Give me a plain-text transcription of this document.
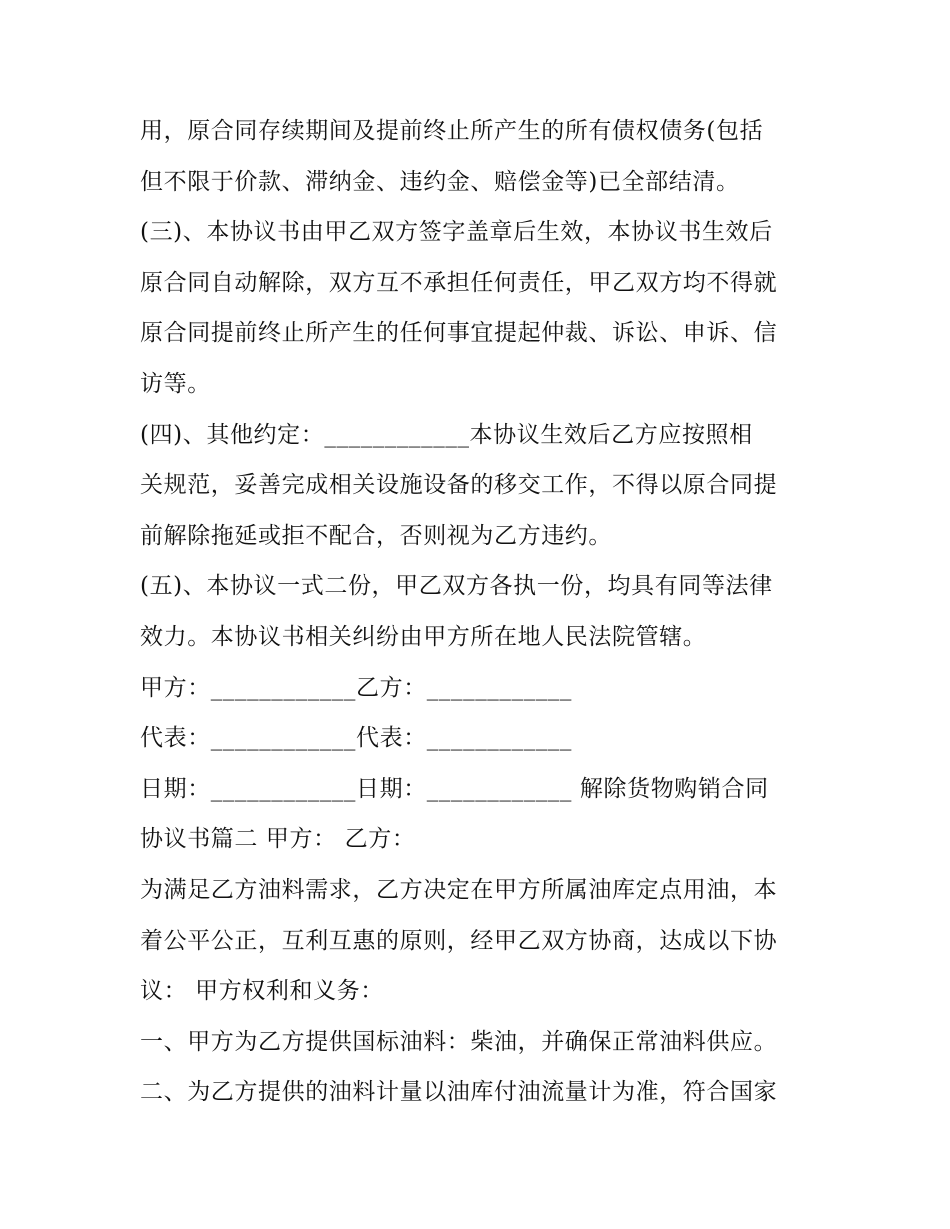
用，原合同存续期间及提前终止所产生的所有债权债务(包括
但不限于价款、滞纳金、违约金、赔偿金等)已全部结清。
(三)、本协议书由甲乙双方签字盖章后生效，本协议书生效后
原合同自动解除，双方互不承担任何责任，甲乙双方均不得就
原合同提前终止所产生的任何事宜提起仲裁、诉讼、申诉、信
访等。
(四)、其他约定：____________本协议生效后乙方应按照相
关规范，妥善完成相关设施设备的移交工作，不得以原合同提
前解除拖延或拒不配合，否则视为乙方违约。
(五)、本协议一式二份，甲乙双方各执一份，均具有同等法律
效力。本协议书相关纠纷由甲方所在地人民法院管辖。
甲方：____________乙方：____________
代表：____________代表：____________
日期：____________日期：____________ 解除货物购销合同
协议书篇二 甲方： 乙方：
为满足乙方油料需求，乙方决定在甲方所属油库定点用油，本
着公平公正，互利互惠的原则，经甲乙双方协商，达成以下协
议： 甲方权利和义务：
一、甲方为乙方提供国标油料：柴油，并确保正常油料供应。
二、为乙方提供的油料计量以油库付油流量计为准，符合国家
